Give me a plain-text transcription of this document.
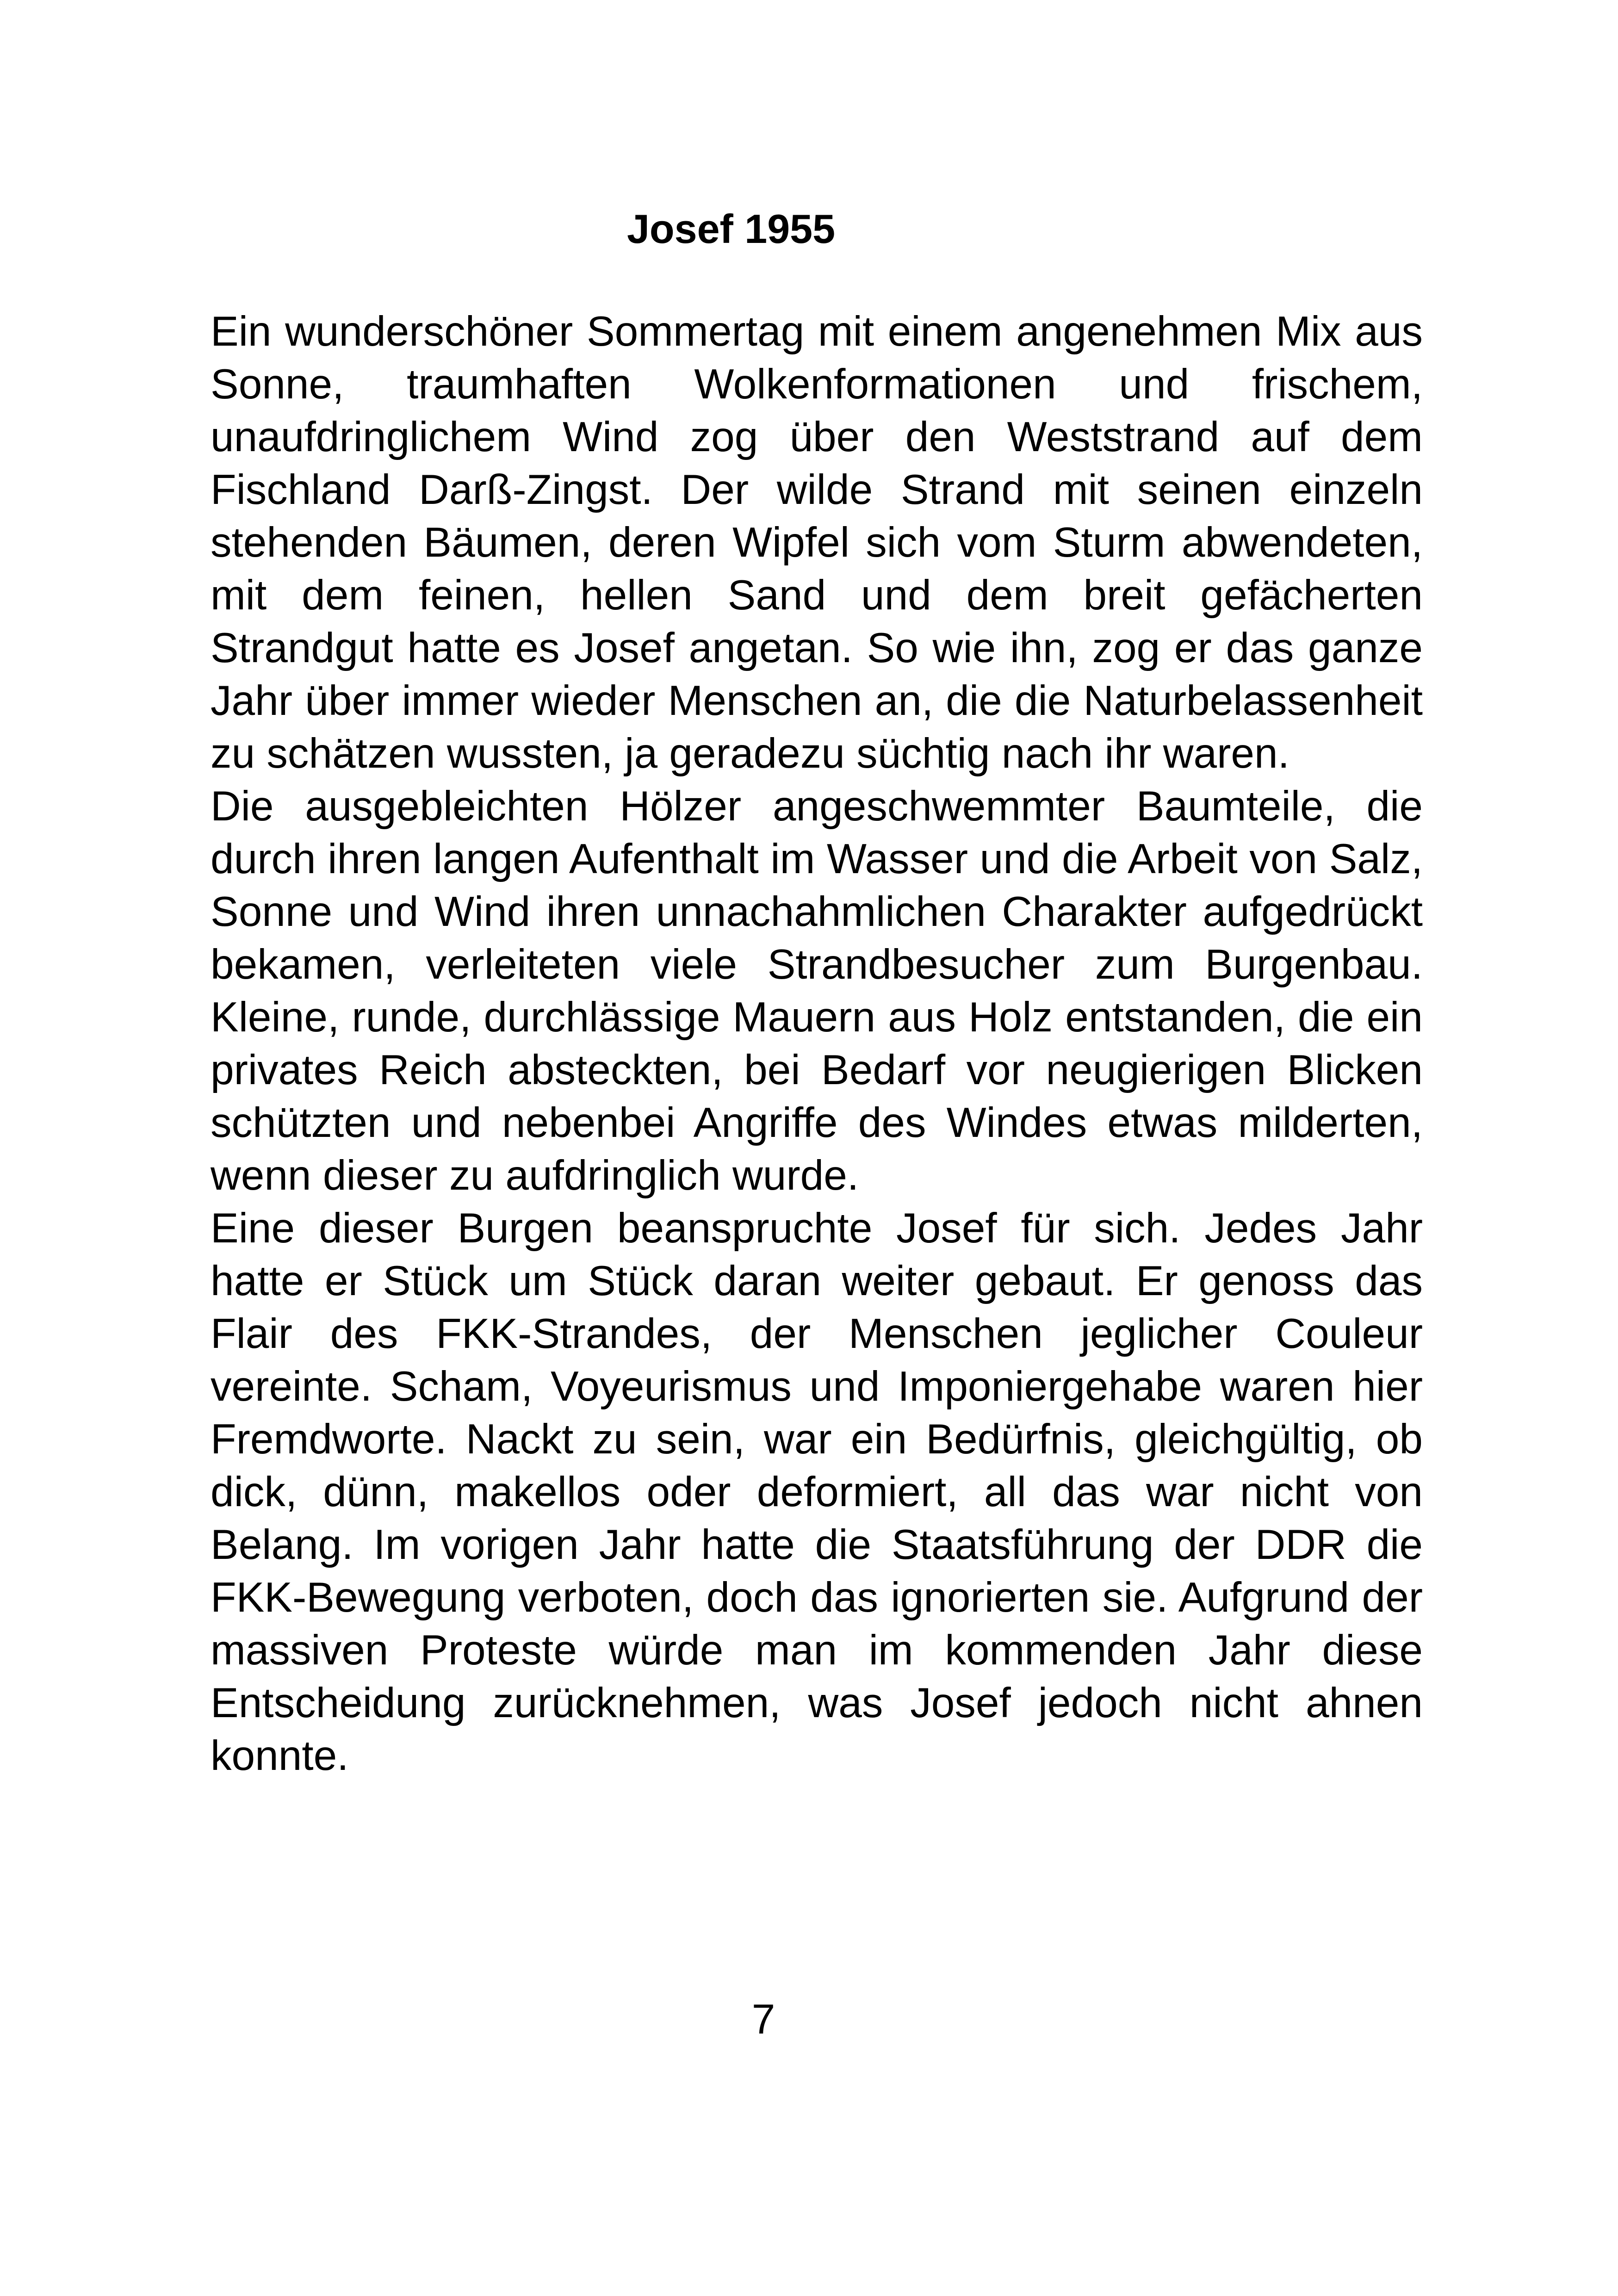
Josef 1955

Ein wunderschöner Sommertag mit einem angenehmen Mix aus Sonne, traumhaften Wolkenformationen und frischem, unaufdringlichem Wind zog über den Weststrand auf dem Fischland Darß-Zingst. Der wilde Strand mit seinen einzeln stehenden Bäumen, deren Wipfel sich vom Sturm abwendeten, mit dem feinen, hellen Sand und dem breit gefächerten Strandgut hatte es Josef angetan. So wie ihn, zog er das ganze Jahr über immer wieder Menschen an, die die Naturbelassenheit zu schätzen wussten, ja geradezu süchtig nach ihr waren.

Die ausgebleichten Hölzer angeschwemmter Baumteile, die durch ihren langen Aufenthalt im Wasser und die Arbeit von Salz, Sonne und Wind ihren unnachahmlichen Charakter aufgedrückt bekamen, verleiteten viele Strandbesucher zum Burgenbau. Kleine, runde, durchlässige Mauern aus Holz entstanden, die ein privates Reich absteckten, bei Bedarf vor neugierigen Blicken schützten und nebenbei Angriffe des Windes etwas milderten, wenn dieser zu aufdringlich wurde.

Eine dieser Burgen beanspruchte Josef für sich. Jedes Jahr hatte er Stück um Stück daran weiter gebaut. Er genoss das Flair des FKK-Strandes, der Menschen jeglicher Couleur vereinte. Scham, Voyeurismus und Imponiergehabe waren hier Fremdworte. Nackt zu sein, war ein Bedürfnis, gleichgültig, ob dick, dünn, makellos oder deformiert, all das war nicht von Belang. Im vorigen Jahr hatte die Staatsführung der DDR die FKK-Bewegung verboten, doch das ignorierten sie. Aufgrund der massiven Proteste würde man im kommenden Jahr diese Entscheidung zurücknehmen, was Josef jedoch nicht ahnen konnte.

7
